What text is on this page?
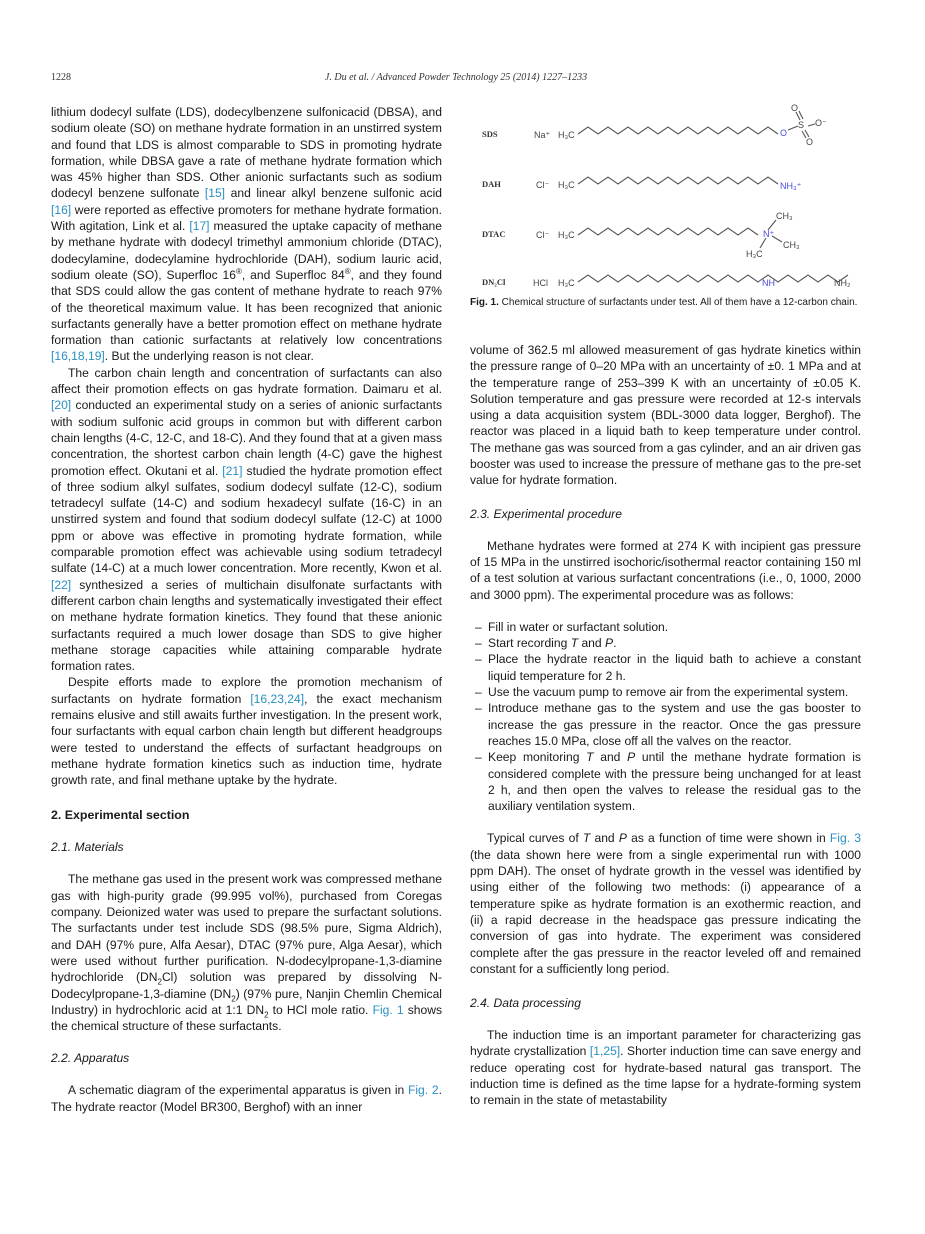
1228	J. Du et al. / Advanced Powder Technology 25 (2014) 1227–1233

lithium dodecyl sulfate (LDS), dodecylbenzene sulfonicacid (DBSA), and sodium oleate (SO) on methane hydrate formation in an unstirred system and found that LDS is almost comparable to SDS in promoting hydrate formation, while DBSA gave a rate of methane hydrate formation which was 45% higher than SDS. Other anionic surfactants such as sodium dodecyl benzene sulfonate [15] and linear alkyl benzene sulfonic acid [16] were reported as effective promoters for methane hydrate formation. With agitation, Link et al. [17] measured the uptake capacity of methane by methane hydrate with dodecyl trimethyl ammonium chloride (DTAC), dodecylamine, dodecylamine hydrochloride (DAH), sodium lauric acid, sodium oleate (SO), Superfloc 16®, and Superfloc 84®, and they found that SDS could allow the gas content of methane hydrate to reach 97% of the theoretical maximum value. It has been recognized that anionic surfactants generally have a better promotion effect on methane hydrate formation than cationic surfactants at relatively low concentrations [16,18,19]. But the underlying reason is not clear.

The carbon chain length and concentration of surfactants can also affect their promotion effects on gas hydrate formation. Daimaru et al. [20] conducted an experimental study on a series of anionic surfactants with sodium sulfonic acid groups in common but with different carbon chain lengths (4-C, 12-C, and 18-C). And they found that at a given mass concentration, the shortest carbon chain length (4-C) gave the highest promotion effect. Okutani et al. [21] studied the hydrate promotion effect of three sodium alkyl sulfates, sodium dodecyl sulfate (12-C), sodium tetradecyl sulfate (14-C) and sodium hexadecyl sulfate (16-C) in an unstirred system and found that sodium dodecyl sulfate (12-C) at 1000 ppm or above was effective in promoting hydrate formation, while comparable promotion effect was achievable using sodium tetradecyl sulfate (14-C) at a much lower concentration. More recently, Kwon et al. [22] synthesized a series of multichain disulfonate surfactants with different carbon chain lengths and systematically investigated their effect on methane hydrate formation kinetics. They found that these anionic surfactants required a much lower dosage than SDS to give higher methane storage capacities while attaining comparable hydrate formation rates.

Despite efforts made to explore the promotion mechanism of surfactants on hydrate formation [16,23,24], the exact mechanism remains elusive and still awaits further investigation. In the present work, four surfactants with equal carbon chain length but different headgroups were tested to understand the effects of surfactant headgroups on methane hydrate formation kinetics such as induction time, hydrate growth rate, and final methane uptake by the hydrate.

2. Experimental section
2.1. Materials

The methane gas used in the present work was compressed methane gas with high-purity grade (99.995 vol%), purchased from Coregas company. Deionized water was used to prepare the surfactant solutions. The surfactants under test include SDS (98.5% pure, Sigma Aldrich), and DAH (97% pure, Alfa Aesar), DTAC (97% pure, Alga Aesar), which were used without further purification. N-dodecylpropane-1,3-diamine hydrochloride $(DN_2Cl)$ solution was prepared by dissolving N-Dodecylpropane-1,3-diamine $(DN_2)$ (97% pure, Nanjin Chemlin Chemical Industry) in hydrochloric acid at 1:1 $DN_2$ to HCl mole ratio. Fig. 1 shows the chemical structure of these surfactants.

2.2. Apparatus

A schematic diagram of the experimental apparatus is given in Fig. 2. The hydrate reactor (Model BR300, Berghof) with an inner

SDS
DAH
DTAC
DN₂Cl
Na⁺
Cl⁻
Cl⁻
HCl
H₃C
H₃C
H₃C
H₃C
O
S
O
O⁻
O
NH₃⁺
N⁺
CH₃
CH₃
H₃C
NH	NH₂
Fig. 1. Chemical structure of surfactants under test. All of them have a 12-carbon chain.

volume of 362.5 ml allowed measurement of gas hydrate kinetics within the pressure range of 0–20 MPa with an uncertainty of ±0. 1 MPa and at the temperature range of 253–399 K with an uncertainty of ±0.05 K. Solution temperature and gas pressure were recorded at 12-s intervals using a data acquisition system (BDL-3000 data logger, Berghof). The reactor was placed in a liquid bath to keep temperature under control. The methane gas was sourced from a gas cylinder, and an air driven gas booster was used to increase the pressure of methane gas to the pre-set value for hydrate formation.

2.3. Experimental procedure

Methane hydrates were formed at 274 K with incipient gas pressure of 15 MPa in the unstirred isochoric/isothermal reactor containing 150 ml of a test solution at various surfactant concentrations (i.e., 0, 1000, 2000 and 3000 ppm). The experimental procedure was as follows:

– Fill in water or surfactant solution.
– Start recording T and P.
– Place the hydrate reactor in the liquid bath to achieve a constant liquid temperature for 2 h.
– Use the vacuum pump to remove air from the experimental system.
– Introduce methane gas to the system and use the gas booster to increase the gas pressure in the reactor. Once the gas pressure reaches 15.0 MPa, close off all the valves on the reactor.
– Keep monitoring T and P until the methane hydrate formation is considered complete with the pressure being unchanged for at least 2 h, and then open the valves to release the residual gas to the auxiliary ventilation system.

Typical curves of T and P as a function of time were shown in Fig. 3 (the data shown here were from a single experimental run with 1000 ppm DAH). The onset of hydrate growth in the vessel was identified by using either of the following two methods: (i) appearance of a temperature spike as hydrate formation is an exothermic reaction, and (ii) a rapid decrease in the headspace gas pressure indicating the conversion of gas into hydrate. The experiment was considered complete after the gas pressure in the reactor leveled off and remained constant for a sufficiently long period.

2.4. Data processing

The induction time is an important parameter for characterizing gas hydrate crystallization [1,25]. Shorter induction time can save energy and reduce operating cost for hydrate-based natural gas transport. The induction time is defined as the time lapse for a hydrate-forming system to remain in the state of metastability
